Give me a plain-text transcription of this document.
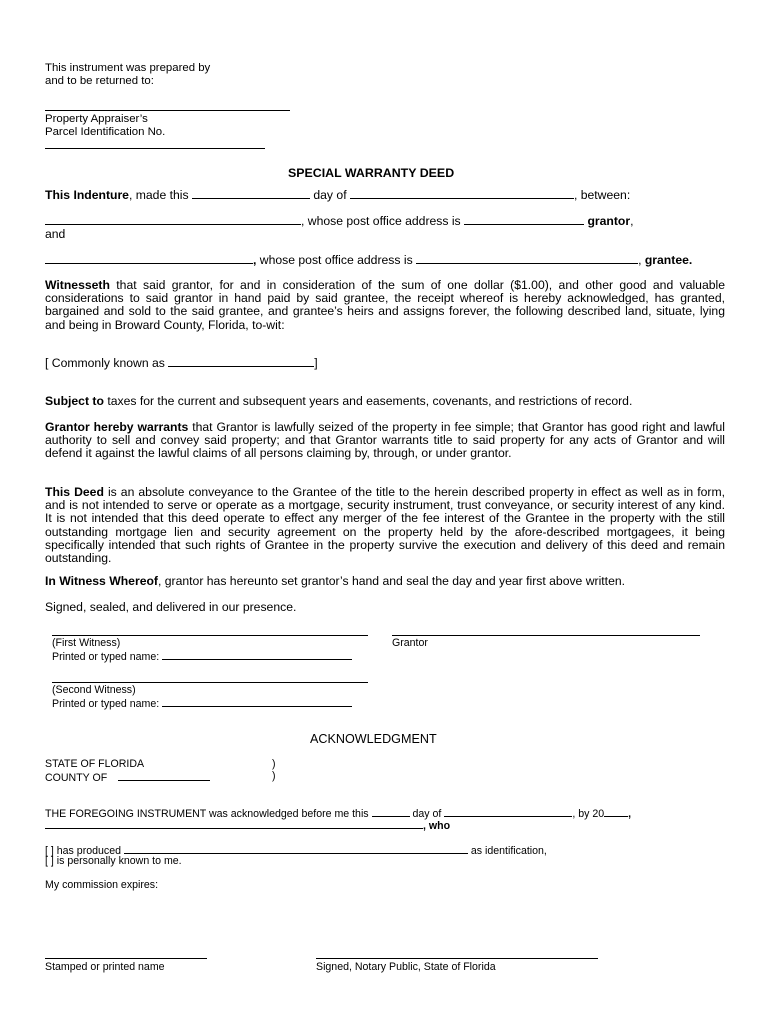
This instrument was prepared by
and to be returned to:
Property Appraiser’s
Parcel Identification No.
SPECIAL WARRANTY DEED
This Indenture, made this	day of	, between:
, whose post office address is	grantor,
and
, whose post office address is	, grantee.
Witnesseth that said grantor, for and in consideration of the sum of one dollar ($1.00), and other good and valuable considerations to said grantor in hand paid by said grantee, the receipt whereof is hereby acknowledged, has granted, bargained and sold to the said grantee, and grantee’s heirs and assigns forever, the following described land, situate, lying and being in Broward County, Florida, to-wit:
[ Commonly known as	]
Subject to taxes for the current and subsequent years and easements, covenants, and restrictions of record.
Grantor hereby warrants that Grantor is lawfully seized of the property in fee simple; that Grantor has good right and lawful authority to sell and convey said property; and that Grantor warrants title to said property for any acts of Grantor and will defend it against the lawful claims of all persons claiming by, through, or under grantor.
This Deed is an absolute conveyance to the Grantee of the title to the herein described property in effect as well as in form, and is not intended to serve or operate as a mortgage, security instrument, trust conveyance, or security interest of any kind. It is not intended that this deed operate to effect any merger of the fee interest of the Grantee in the property with the still outstanding mortgage lien and security agreement on the property held by the afore-described mortgagees, it being specifically intended that such rights of Grantee in the property survive the execution and delivery of this deed and remain outstanding.
In Witness Whereof, grantor has hereunto set grantor’s hand and seal the day and year first above written.
Signed, sealed, and delivered in our presence.
(First Witness)	Grantor
Printed or typed name:
(Second Witness)
Printed or typed name:
ACKNOWLEDGMENT
STATE OF FLORIDA	)
COUNTY OF	)
THE FOREGOING INSTRUMENT was acknowledged before me this	day of	, by 20 ,
, who
[ ] has produced	as identification,
[ ] is personally known to me.
My commission expires:
Stamped or printed name	Signed, Notary Public, State of Florida
